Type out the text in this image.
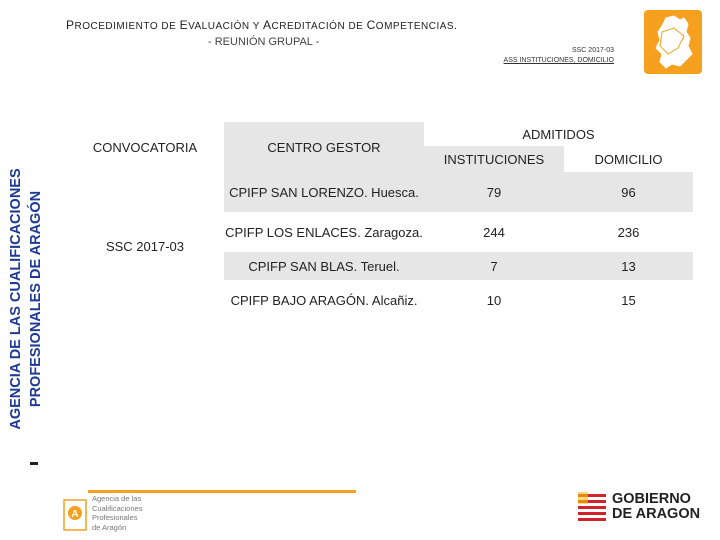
AGENCIA DE LAS CUALIFICACIONES PROFESIONALES DE ARAGÓN
PROCEDIMIENTO DE EVALUACIÓN Y ACREDITACIÓN DE COMPETENCIAS.
- REUNIÓN GRUPAL -
SSC 2017-03
ASS INSTITUCIONES, DOMICILIO
CONVOCATORIA	CENTRO GESTOR	ADMITIDOS	
		INSTITUCIONES	DOMICILIO
SSC 2017-03	CPIFP SAN LORENZO. Huesca.	79	96
	CPIFP LOS ENLACES. Zaragoza.	244	236
	CPIFP SAN BLAS. Teruel.	7	13
	CPIFP BAJO ARAGÓN. Alcañiz.	10	15
A
Agencia de las
Cualificaciones
Profesionales
de Aragón
GOBIERNO
DE ARAGON
